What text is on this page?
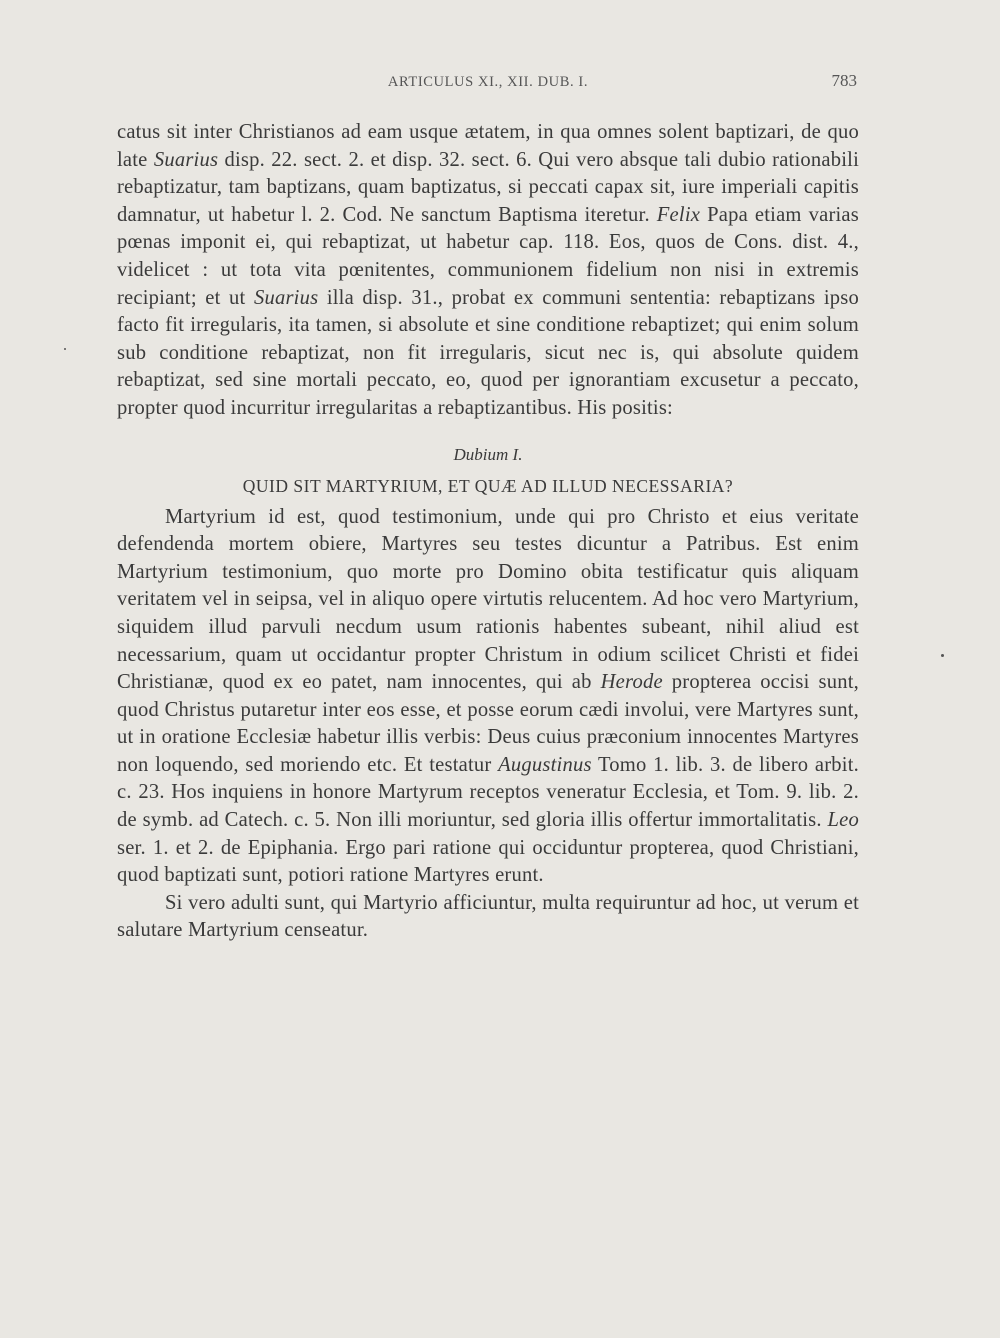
ARTICULUS XI., XII. DUB. I.	783

catus sit inter Christianos ad eam usque ætatem, in qua omnes solent baptizari, de quo late Suarius disp. 22. sect. 2. et disp. 32. sect. 6. Qui vero absque tali dubio rationabili rebaptizatur, tam baptizans, quam baptizatus, si peccati capax sit, iure imperiali capitis damnatur, ut habetur l. 2. Cod. Ne sanctum Baptisma iteretur. Felix Papa etiam varias pœnas imponit ei, qui rebaptizat, ut habetur cap. 118. Eos, quos de Cons. dist. 4., videlicet : ut tota vita pœnitentes, communionem fidelium non nisi in extremis recipiant; et ut Suarius illa disp. 31., probat ex communi sententia: rebaptizans ipso facto fit irregularis, ita tamen, si absolute et sine conditione rebaptizet; qui enim solum sub conditione rebaptizat, non fit irregularis, sicut nec is, qui absolute quidem rebaptizat, sed sine mortali peccato, eo, quod per ignorantiam excusetur a peccato, propter quod incurritur irregularitas a rebaptizantibus. His positis:

Dubium I.
QUID SIT MARTYRIUM, ET QUÆ AD ILLUD NECESSARIA?

Martyrium id est, quod testimonium, unde qui pro Christo et eius veritate defendenda mortem obiere, Martyres seu testes dicuntur a Patribus. Est enim Martyrium testimonium, quo morte pro Domino obita testificatur quis aliquam veritatem vel in seipsa, vel in aliquo opere virtutis relucentem. Ad hoc vero Martyrium, siquidem illud parvuli necdum usum rationis habentes subeant, nihil aliud est necessarium, quam ut occidantur propter Christum in odium scilicet Christi et fidei Christianæ, quod ex eo patet, nam innocentes, qui ab Herode propterea occisi sunt, quod Christus putaretur inter eos esse, et posse eorum cædi involui, vere Martyres sunt, ut in oratione Ecclesiæ habetur illis verbis: Deus cuius præconium innocentes Martyres non loquendo, sed moriendo etc. Et testatur Augustinus Tomo 1. lib. 3. de libero arbit. c. 23. Hos inquiens in honore Martyrum receptos veneratur Ecclesia, et Tom. 9. lib. 2. de symb. ad Catech. c. 5. Non illi moriuntur, sed gloria illis offertur immortalitatis. Leo ser. 1. et 2. de Epiphania. Ergo pari ratione qui occiduntur propterea, quod Christiani, quod baptizati sunt, potiori ratione Martyres erunt.

Si vero adulti sunt, qui Martyrio afficiuntur, multa requiruntur ad hoc, ut verum et salutare Martyrium censeatur.
